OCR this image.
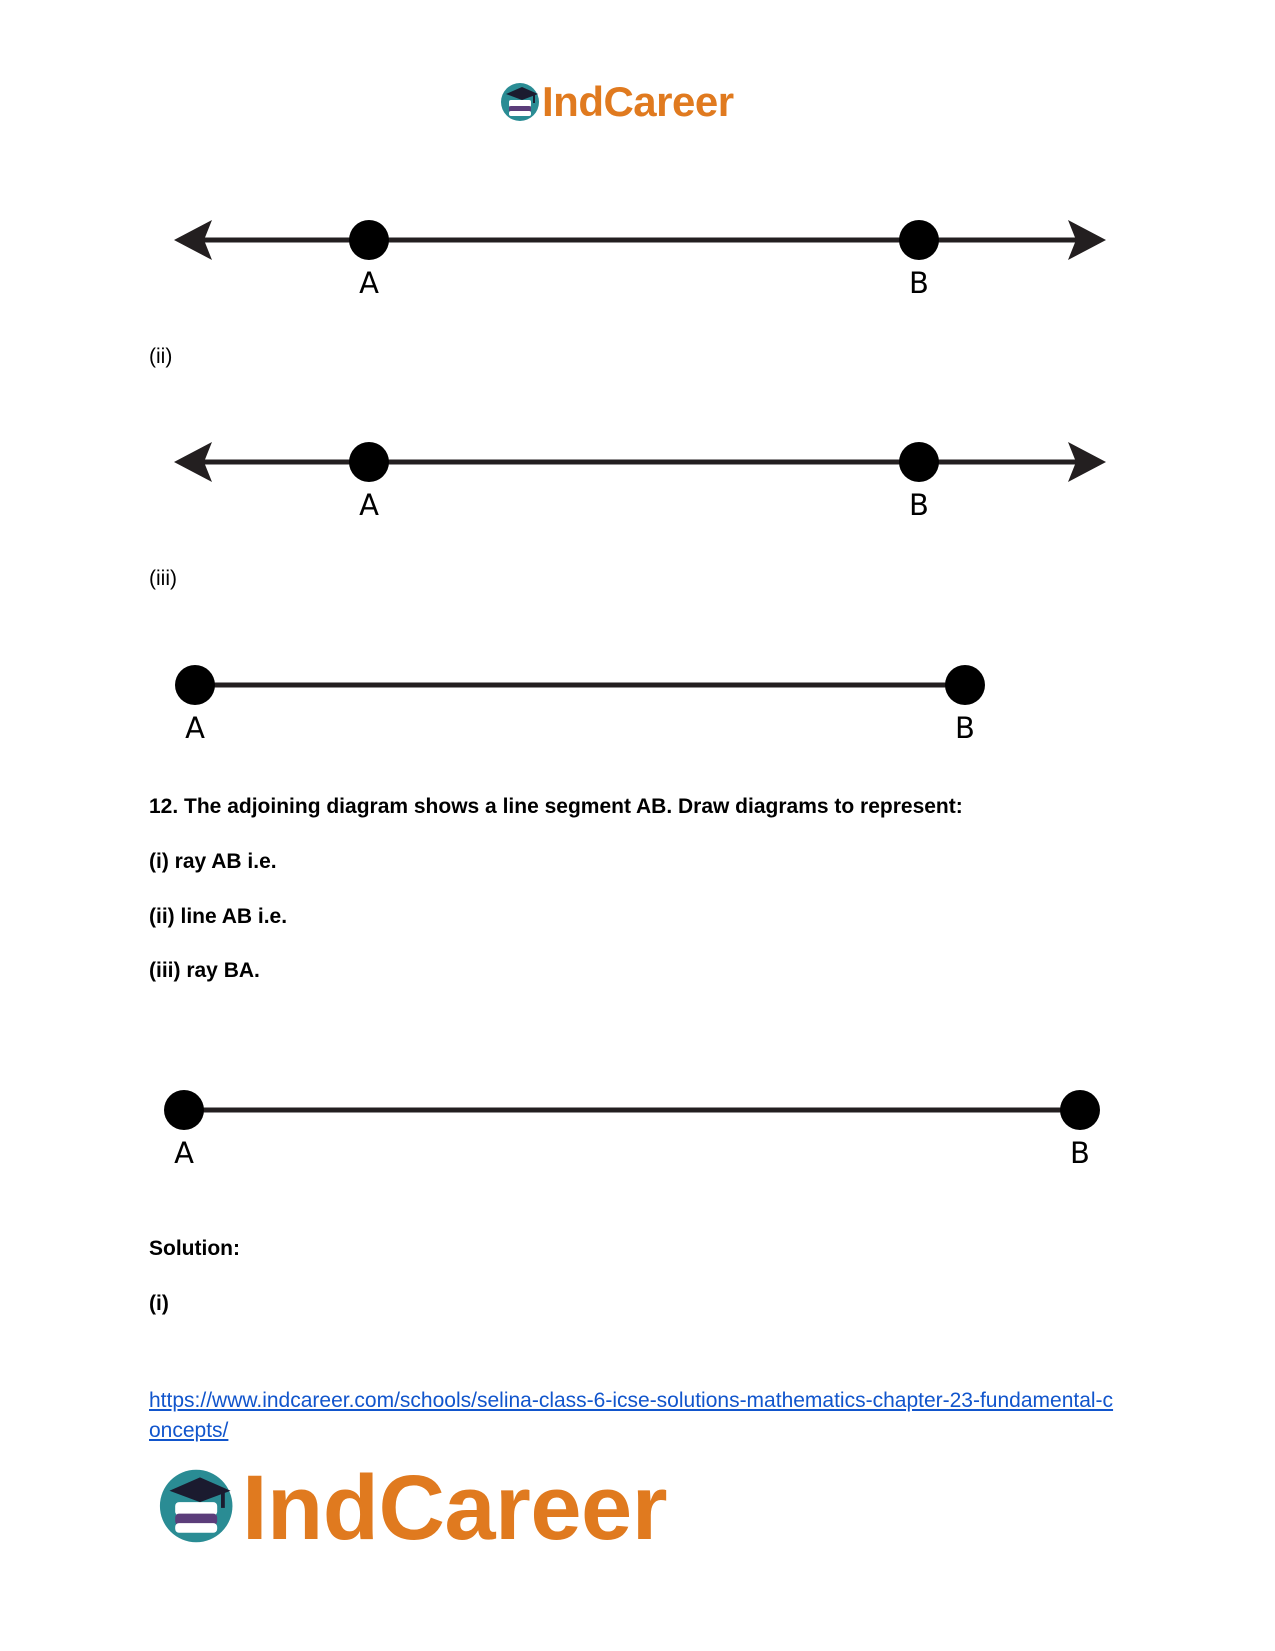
IndCareer
A	B
(ii)
A	B
(iii)
A	B
12. The adjoining diagram shows a line segment AB. Draw diagrams to represent:
(i) ray AB i.e.
(ii) line AB i.e.
(iii) ray BA.
A	B
Solution:
(i)
https://www.indcareer.com/schools/selina-class-6-icse-solutions-mathematics-chapter-23-fundamental-concepts/
IndCareer
